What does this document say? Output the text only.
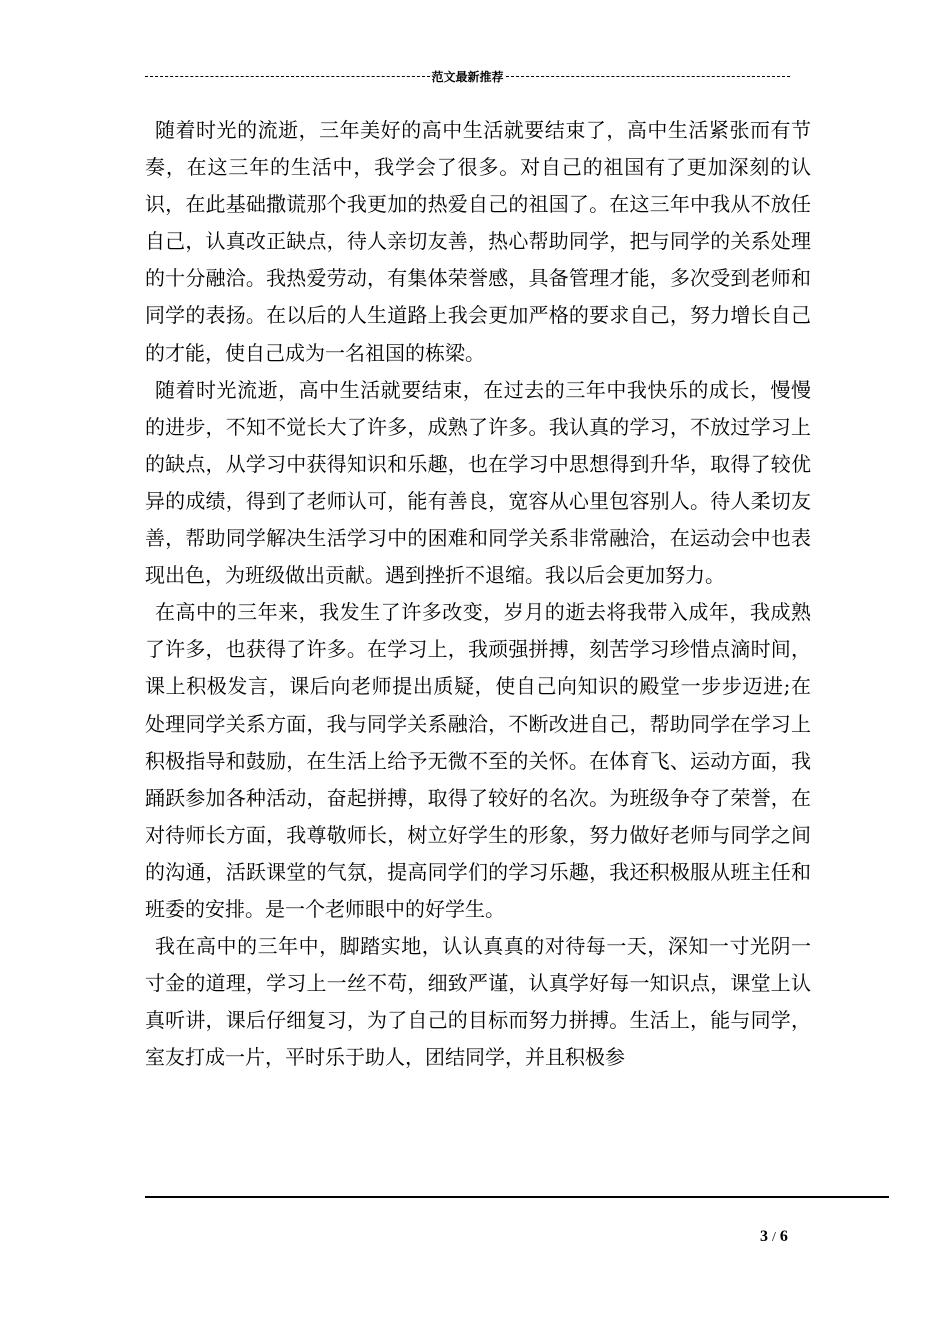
范文最新推荐

随着时光的流逝，三年美好的高中生活就要结束了，高中生活紧张而有节奏，在这三年的生活中，我学会了很多。对自己的祖国有了更加深刻的认识，在此基础撒谎那个我更加的热爱自己的祖国了。在这三年中我从不放任自己，认真改正缺点，待人亲切友善，热心帮助同学，把与同学的关系处理的十分融洽。我热爱劳动，有集体荣誉感，具备管理才能，多次受到老师和同学的表扬。在以后的人生道路上我会更加严格的要求自己，努力增长自己的才能，使自己成为一名祖国的栋梁。

随着时光流逝，高中生活就要结束，在过去的三年中我快乐的成长，慢慢的进步，不知不觉长大了许多，成熟了许多。我认真的学习，不放过学习上的缺点，从学习中获得知识和乐趣，也在学习中思想得到升华，取得了较优异的成绩，得到了老师认可，能有善良，宽容从心里包容别人。待人柔切友善，帮助同学解决生活学习中的困难和同学关系非常融洽，在运动会中也表现出色，为班级做出贡献。遇到挫折不退缩。我以后会更加努力。

在高中的三年来，我发生了许多改变，岁月的逝去将我带入成年，我成熟了许多，也获得了许多。在学习上，我顽强拼搏，刻苦学习珍惜点滴时间，课上积极发言，课后向老师提出质疑，使自己向知识的殿堂一步步迈进;在处理同学关系方面，我与同学关系融洽，不断改进自己，帮助同学在学习上积极指导和鼓励，在生活上给予无微不至的关怀。在体育飞、运动方面，我踊跃参加各种活动，奋起拼搏，取得了较好的名次。为班级争夺了荣誉，在对待师长方面，我尊敬师长，树立好学生的形象，努力做好老师与同学之间的沟通，活跃课堂的气氛，提高同学们的学习乐趣，我还积极服从班主任和班委的安排。是一个老师眼中的好学生。

我在高中的三年中，脚踏实地，认认真真的对待每一天，深知一寸光阴一寸金的道理，学习上一丝不苟，细致严谨，认真学好每一知识点，课堂上认真听讲，课后仔细复习，为了自己的目标而努力拼搏。生活上，能与同学，室友打成一片，平时乐于助人，团结同学，并且积极参

3 / 6
